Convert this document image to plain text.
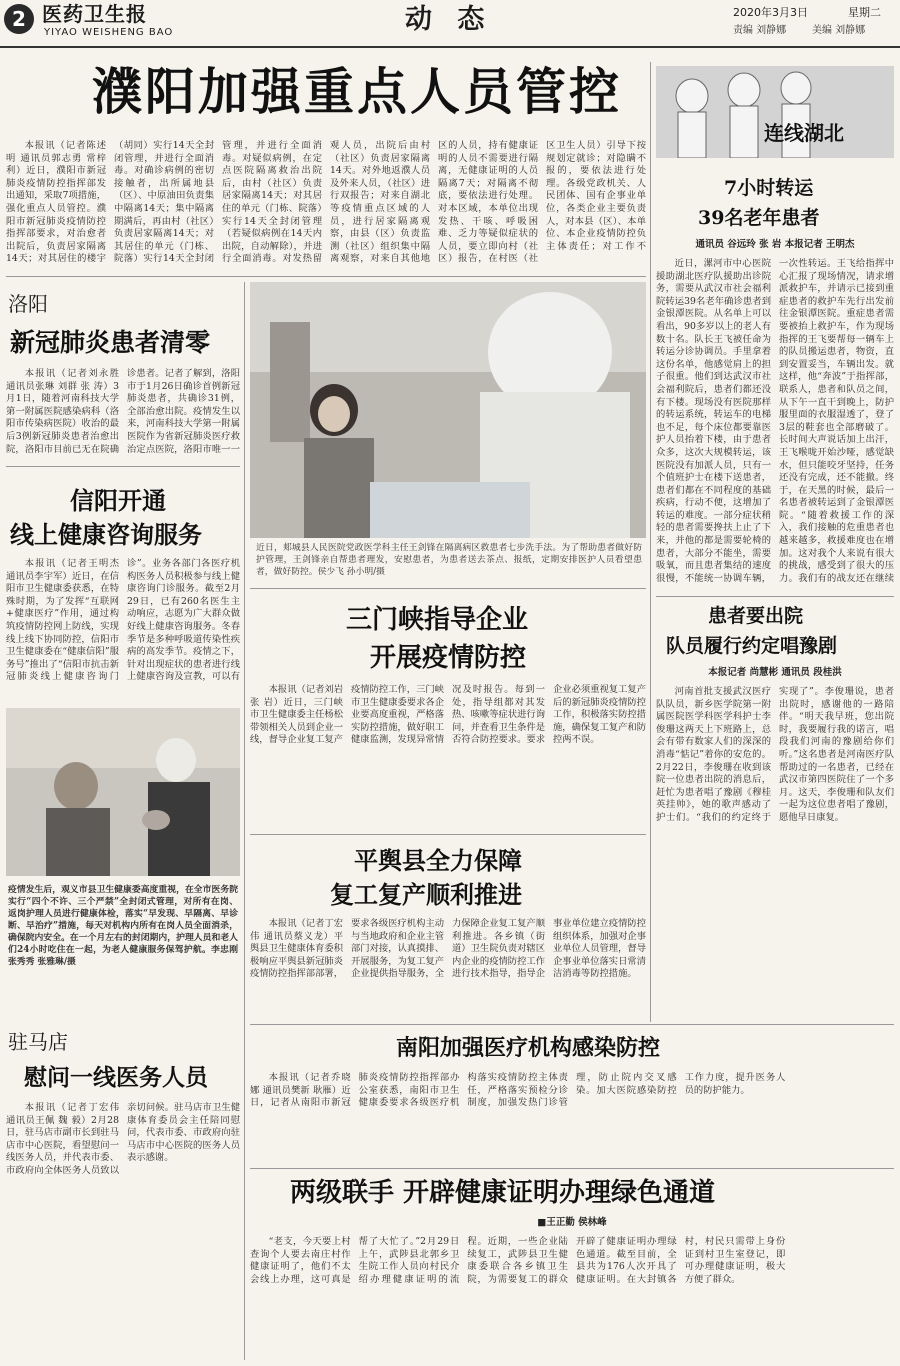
2 医药卫生报
YIYAO WEISHENG BAO	动 态	2020年3月3日	星期二
责编 刘静娜	美编 刘静娜
濮阳加强重点人员管控

本报讯（记者陈述明 通讯员郭志勇 常梓利）近日，濮阳市新冠肺炎疫情防控指挥部发出通知，采取7项措施，强化重点人员管控。濮阳市新冠肺炎疫情防控指挥部要求，对治愈者出院后，负责居家隔离14天；对其居住的楼宇（胡同）实行14天全封闭管理，并进行全面消毒。对确诊病例的密切接触者，出所属地县（区）、中原油田负责集中隔离14天；集中隔离期满后，再由村（社区）负责居家隔离14天；对其居住的单元（门栋、院落）实行14天全封闭管理，并进行全面消毒。对疑似病例，在定点医院隔离救治出院后，由村（社区）负责居家隔离14天；对其居住的单元（门栋、院落）实行14天全封闭管理（若疑似病例在14天内出院，自动解除），并进行全面消毒。对发热留观人员，出院后由村（社区）负责居家隔离14天。对外地返濮人员及外来人员，（社区）进行双报告；对来自湖北等疫情重点区域的人员，进行居家隔离观察，由县（区）负责监测（社区）组织集中隔离观察，对来自其他地区的人员，持有健康证明的人员不需要进行隔离，无健康证明的人员隔离7天；对隔离不彻底，要依法进行处理。对本区域，本单位出现发热、干咳、呼吸困难、乏力等疑似症状的人员，要立即向村（社区）报告，在村医（社区卫生人员）引导下按规划定就诊；对隐瞒不报的，要依法进行处理。各级党政机关、人民团体、国有企事业单位，各类企业主要负责人，对本县（区）、本单位、本企业疫情防控负主体责任；对工作不

洛阳
新冠肺炎患者清零

本报讯（记者刘永胜 通讯员张琳 刘群 张 涛）3月1日，随着河南科技大学第一附属医院感染病科（洛阳市传染病医院）收治的最后3例新冠肺炎患者治愈出院，洛阳市目前已无在院确诊患者。记者了解到，洛阳市于1月26日确诊首例新冠肺炎患者，共确诊31例，全部治愈出院。疫情发生以来，河南科技大学第一附属医院作为省新冠肺炎医疗救治定点医院，洛阳市唯一一

信阳开通
线上健康咨询服务

本报讯（记者王明杰 通讯员李宇军）近日，在信阳市卫生健康委获悉，在特殊时期，为了发挥“互联网+健康医疗”作用，通过构筑疫情防控网上防线，实现线上线下协同防控，信阳市卫生健康委在“健康信阳”服务号”推出了“信阳市抗击新冠肺炎线上健康咨询门诊”。业务各部门各医疗机构医务人员积极参与线上健康咨询门诊服务。截至2月29日，已有260名医生主动响应，志愿为广大群众做好线上健康咨询服务。冬春季节是多种呼吸道传染性疾病的高发季节。疫情之下，针对出现症状的患者进行线上健康咨询及宣教，可以有

疫情发生后，观义市县卫生健康委高度重视，在全市医务院实行“四个不许、三个严禁”全封闭式管理，对所有在岗、返岗护理人员进行健康体检，落实“早发现、早隔离、早诊断、早治疗”措施，每天对机构内所有在岗人员全面消杀，确保院内安全。在一个月左右的封闭期内，护理人员和老人们24小时吃住在一起，为老人健康服务保驾护航。李忠刚 张秀秀 张雅琳/摄
驻马店
慰问一线医务人员

本报讯（记者丁宏伟 通讯员王佩 魏 毅）2月28日，驻马店市副市长到驻马店市中心医院，看望慰问一线医务人员，并代表市委、市政府向全体医务人员致以亲切问候。驻马店市卫生健康体育委员会主任陪同慰问，代表市委、市政府向驻马店市中心医院的医务人员表示感谢。

近日，郏城县人民医院党政医学科主任王剑锋在隔离病区救患者七步洗手法。为了帮助患者做好防护管理，王剑锋亲自帮患者理发，安慰患者，为患者送去茶点、报纸，定期安排医护人员看望患者，做好防控。侯少飞 孙小明/摄
三门峡指导企业
开展疫情防控

本报讯（记者刘岩 张 岩）近日，三门峡市卫生健康委主任杨松带领相关人员到企业一线，督导企业复工复产疫情防控工作，三门峡市卫生健康委要求各企业要高度重视，严格落实防控措施，做好职工健康监测，发现异常情况及时报告。每到一处，指导组都对其发热、咳嗽等症状进行询问，并查看卫生条件是否符合防控要求。要求企业必须重视复工复产后的新冠肺炎疫情防控工作，积极落实防控措施，确保复工复产和防控两不误。

平舆县全力保障
复工复产顺利推进

本报讯（记者丁宏伟 通讯员蔡义龙）平舆县卫生健康体育委积极响应平舆县新冠肺炎疫情防控指挥部部署，要求各级医疗机构主动与当地政府和企业主管部门对接，认真摸排、开展服务，为复工复产企业提供指导服务，全力保障企业复工复产顺利推进。各乡镇（街道）卫生院负责对辖区内企业的疫情防控工作进行技术指导，指导企事业单位建立疫情防控组织体系，加强对企事业单位人员管理，督导企事业单位落实日常清洁消毒等防控措施。

连线湖北
7小时转运
39名老年患者
通讯员 谷远玲 张 岩 本报记者 王明杰

近日，漯河市中心医院援助湖北医疗队援助出诊院务，需要从武汉市社会福利院转运39名老年确诊患者到金银潭医院。从名单上可以看出，90多岁以上的老人有数十名。队长王飞被任命为转运分诊协调员。手里拿着这份名单，他感觉肩上的担子很重。他们到达武汉市社会福利院后，患者们都还没有下楼。现场没有医院那样的转运系统，转运车的电梯也不足，每个床位都要靠医护人员抬着下楼，由于患者众多，这次大规模转运，该医院没有加派人员，只有一个值班护士在楼下送患者，患者们都在不同程度的基础疾病，行动不便，这增加了转运的难度。一部分症状稍轻的患者需要搀扶上止了下来，并他的都是需要轮椅的患者，大部分不能坐，需要吸氧，而且患者集结的速度很慢，不能统一协调车辆，一次性转运。王飞给指挥中心汇报了现场情况，请求增派救护车，并请示已接到重症患者的救护车先行出发前往金银潭医院。重症患者需要被抬上救护车，作为现场指挥的王飞要帮每一辆车上的队员搬运患者，物资，直到安置妥当，车辆出发。就这样，他“奔波”于指挥部，联系人，患者和队员之间，从下午一直干到晚上，防护服里面的衣服湿透了，登了3层的鞋套也全部磨破了。长时间大声说话加上出汗，王飞喉咙开始沙哑，感觉缺水，但只能咬牙坚持，任务还没有完成，还不能撤。终于，在天黑的时候，最后一名患者被转运到了金银潭医院。“随着救援工作的深入，我们接触的危重患者也越来越多，救援难度也在增加。这对我个人来说有很大的挑战，感受到了很大的压力。我们有的战友还在继续

患者要出院
队员履行约定唱豫剧
本报记者 尚慧彬 通讯员 段桂洪

河南首批支援武汉医疗队队员，新乡医学院第一附属医院医学科医学科护士李俊珊这两天上下班路上，总会有带有数家人们的深深的消毒“惦记”着你的安危的。2月22日，李俊珊在收到该院一位患者出院的消息后，赶忙为患者唱了豫剧《穆桂英挂帅》，她的歌声感动了护士们。“我们的约定终于实现了”。李俊珊说，患者出院时，感谢他的一路陪伴。“明天我早班，您出院时，我要履行我的诺言，唱段我们河南的豫剧给你们听。”这名患者是河南医疗队帮助过的一名患者，已经在武汉市第四医院住了一个多月。这天，李俊珊和队友们一起为这位患者唱了豫剧，愿他早日康复。

南阳加强医疗机构感染防控

本报讯（记者乔晓娜 通讯员樊新 耿雁）近日，记者从南阳市新冠肺炎疫情防控指挥部办公室获悉，南阳市卫生健康委要求各级医疗机构落实疫情防控主体责任，严格落实预检分诊制度，加强发热门诊管理，防止院内交叉感染。加大医院感染防控工作力度，提升医务人员的防护能力。

两级联手 开辟健康证明办理绿色通道
■王正勤 侯林峰

“老支，今天要上村查询个人要去南庄村作健康证明了，他们不太会线上办理，这可真是帮了大忙了。”2月29日上午，武陟县北郭乡卫生院工作人员向村民介绍办理健康证明的流程。近期，一些企业陆续复工，武陟县卫生健康委联合各乡镇卫生院，为需要复工的群众开辟了健康证明办理绿色通道。截至目前，全县共为176人次开具了健康证明。在大封镇各村，村民只需带上身份证到村卫生室登记，即可办理健康证明，极大方便了群众。
